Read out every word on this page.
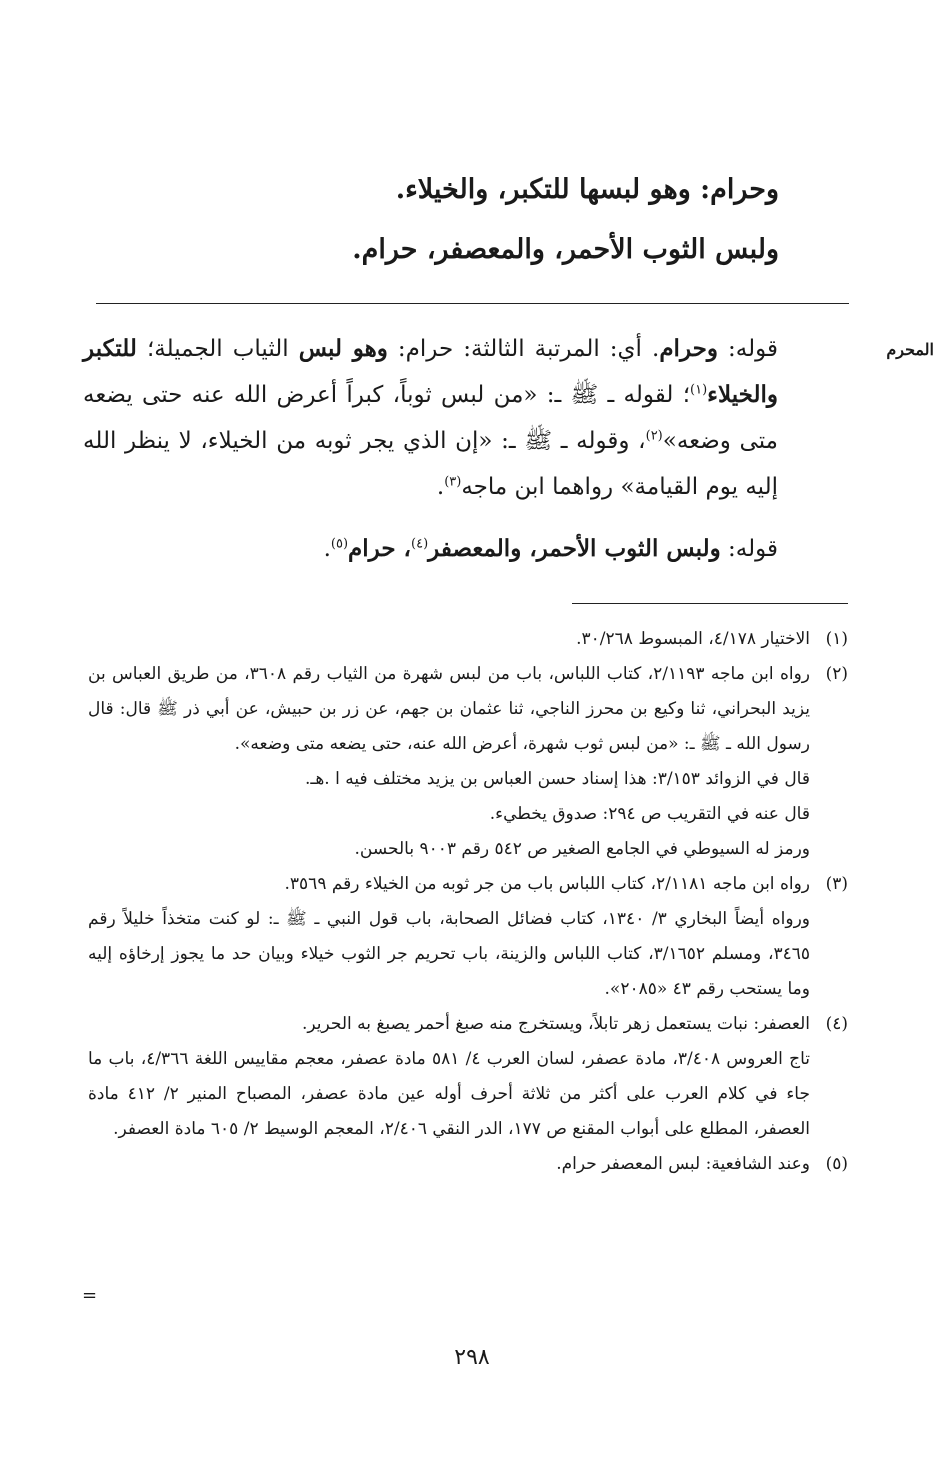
وحرام: وهو لبسها للتكبر، والخيلاء.

ولبس الثوب الأحمر، والمعصفر، حرام.

المحرم

قوله: وحرام. أي: المرتبة الثالثة: حرام: وهو لبس الثياب الجميلة؛ للتكبر والخيلاء$^{(١)}$؛ لقوله ـ ﷺ ـ: «من لبس ثوباً، كبراً أعرض الله عنه حتى يضعه متى وضعه»$^{(٢)}$، وقوله ـ ﷺ ـ: «إن الذي يجر ثوبه من الخيلاء، لا ينظر الله إليه يوم القيامة» رواهما ابن ماجه$^{(٣)}$.

قوله: ولبس الثوب الأحمر، والمعصفر$^{(٤)}$، حرام$^{(٥)}$.

(١)

الاختيار ٤/١٧٨، المبسوط ٣٠/٢٦٨.

(٢)

رواه ابن ماجه ٢/١١٩٣، كتاب اللباس، باب من لبس شهرة من الثياب رقم ٣٦٠٨، من طريق العباس بن يزيد البحراني، ثنا وكيع بن محرز الناجي، ثنا عثمان بن جهم، عن زر بن حبيش، عن أبي ذر ﷺ قال: قال رسول الله ـ ﷺ ـ: «من لبس ثوب شهرة، أعرض الله عنه، حتى يضعه متى وضعه».

قال في الزوائد ٣/١٥٣: هذا إسناد حسن العباس بن يزيد مختلف فيه ا .هـ.

قال عنه في التقريب ص ٢٩٤: صدوق يخطيء.

ورمز له السيوطي في الجامع الصغير ص ٥٤٢ رقم ٩٠٠٣ بالحسن.

(٣)

رواه ابن ماجه ٢/١١٨١، كتاب اللباس باب من جر ثوبه من الخيلاء رقم ٣٥٦٩.

ورواه أيضاً البخاري ٣/ ١٣٤٠، كتاب فضائل الصحابة، باب قول النبي ـ ﷺ ـ: لو كنت متخذاً خليلاً رقم ٣٤٦٥، ومسلم ٣/١٦٥٢، كتاب اللباس والزينة، باب تحريم جر الثوب خيلاء وبيان حد ما يجوز إرخاؤه إليه وما يستحب رقم ٤٣ «٢٠٨٥».

(٤)

العصفر: نبات يستعمل زهر تابلاً، ويستخرج منه صبغ أحمر يصبغ به الحرير.

تاج العروس ٣/٤٠٨، مادة عصفر، لسان العرب ٤/ ٥٨١ مادة عصفر، معجم مقاييس اللغة ٤/٣٦٦، باب ما جاء في كلام العرب على أكثر من ثلاثة أحرف أوله عين مادة عصفر، المصباح المنير ٢/ ٤١٢ مادة العصفر، المطلع على أبواب المقنع ص ١٧٧، الدر النقي ٢/٤٠٦، المعجم الوسيط ٢/ ٦٠٥ مادة العصفر.

(٥)

وعند الشافعية: لبس المعصفر حرام.

=
٢٩٨
